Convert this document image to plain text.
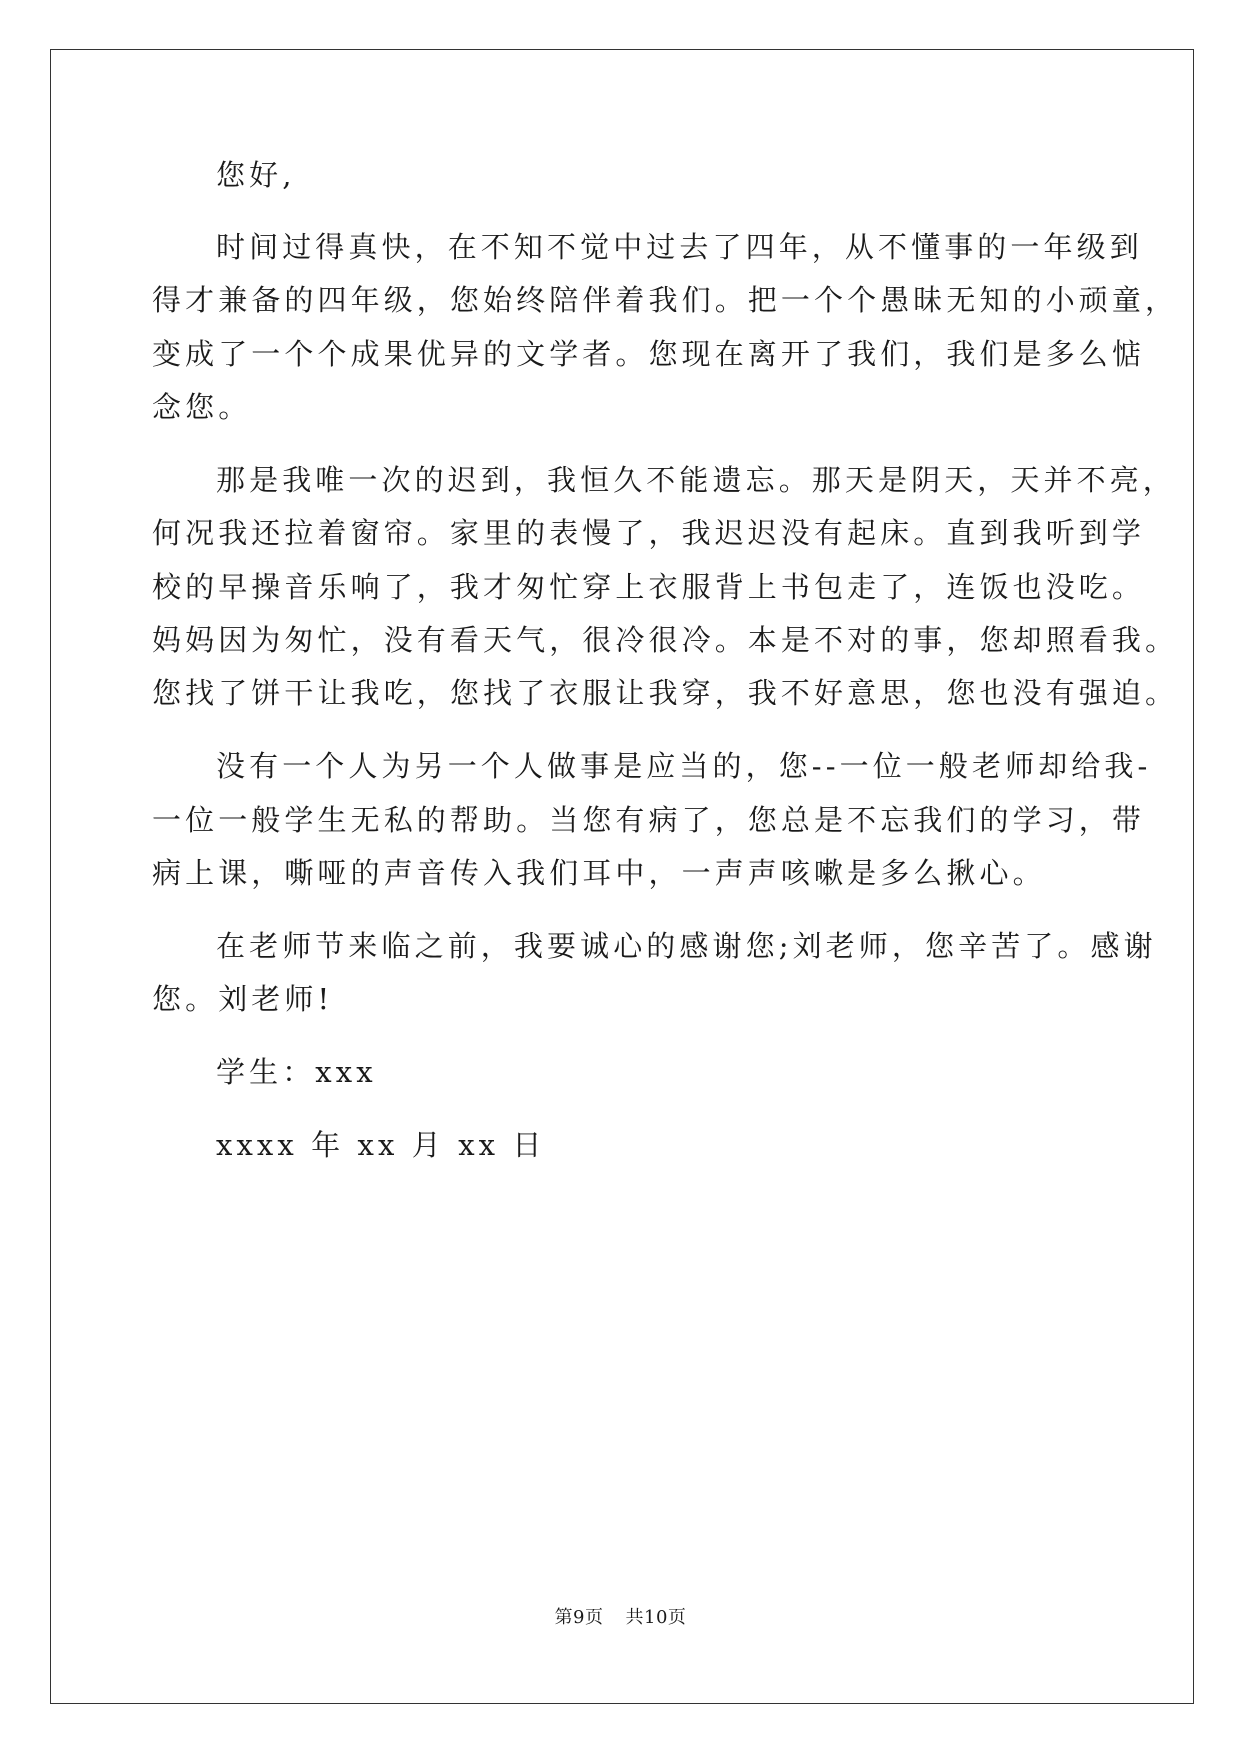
您好,
时间过得真快，在不知不觉中过去了四年，从不懂事的一年级到
得才兼备的四年级，您始终陪伴着我们。把一个个愚昧无知的小顽童，
变成了一个个成果优异的文学者。您现在离开了我们，我们是多么惦
念您。
那是我唯一次的迟到，我恒久不能遗忘。那天是阴天，天并不亮，
何况我还拉着窗帘。家里的表慢了，我迟迟没有起床。直到我听到学
校的早操音乐响了，我才匆忙穿上衣服背上书包走了，连饭也没吃。
妈妈因为匆忙，没有看天气，很冷很冷。本是不对的事，您却照看我。
您找了饼干让我吃，您找了衣服让我穿，我不好意思，您也没有强迫。
没有一个人为另一个人做事是应当的，您--一位一般老师却给我-
一位一般学生无私的帮助。当您有病了，您总是不忘我们的学习，带
病上课，嘶哑的声音传入我们耳中，一声声咳嗽是多么揪心。
在老师节来临之前，我要诚心的感谢您;刘老师，您辛苦了。感谢
您。刘老师!
学生：xxx
xxxx 年 xx 月 xx 日
第9页 共10页
